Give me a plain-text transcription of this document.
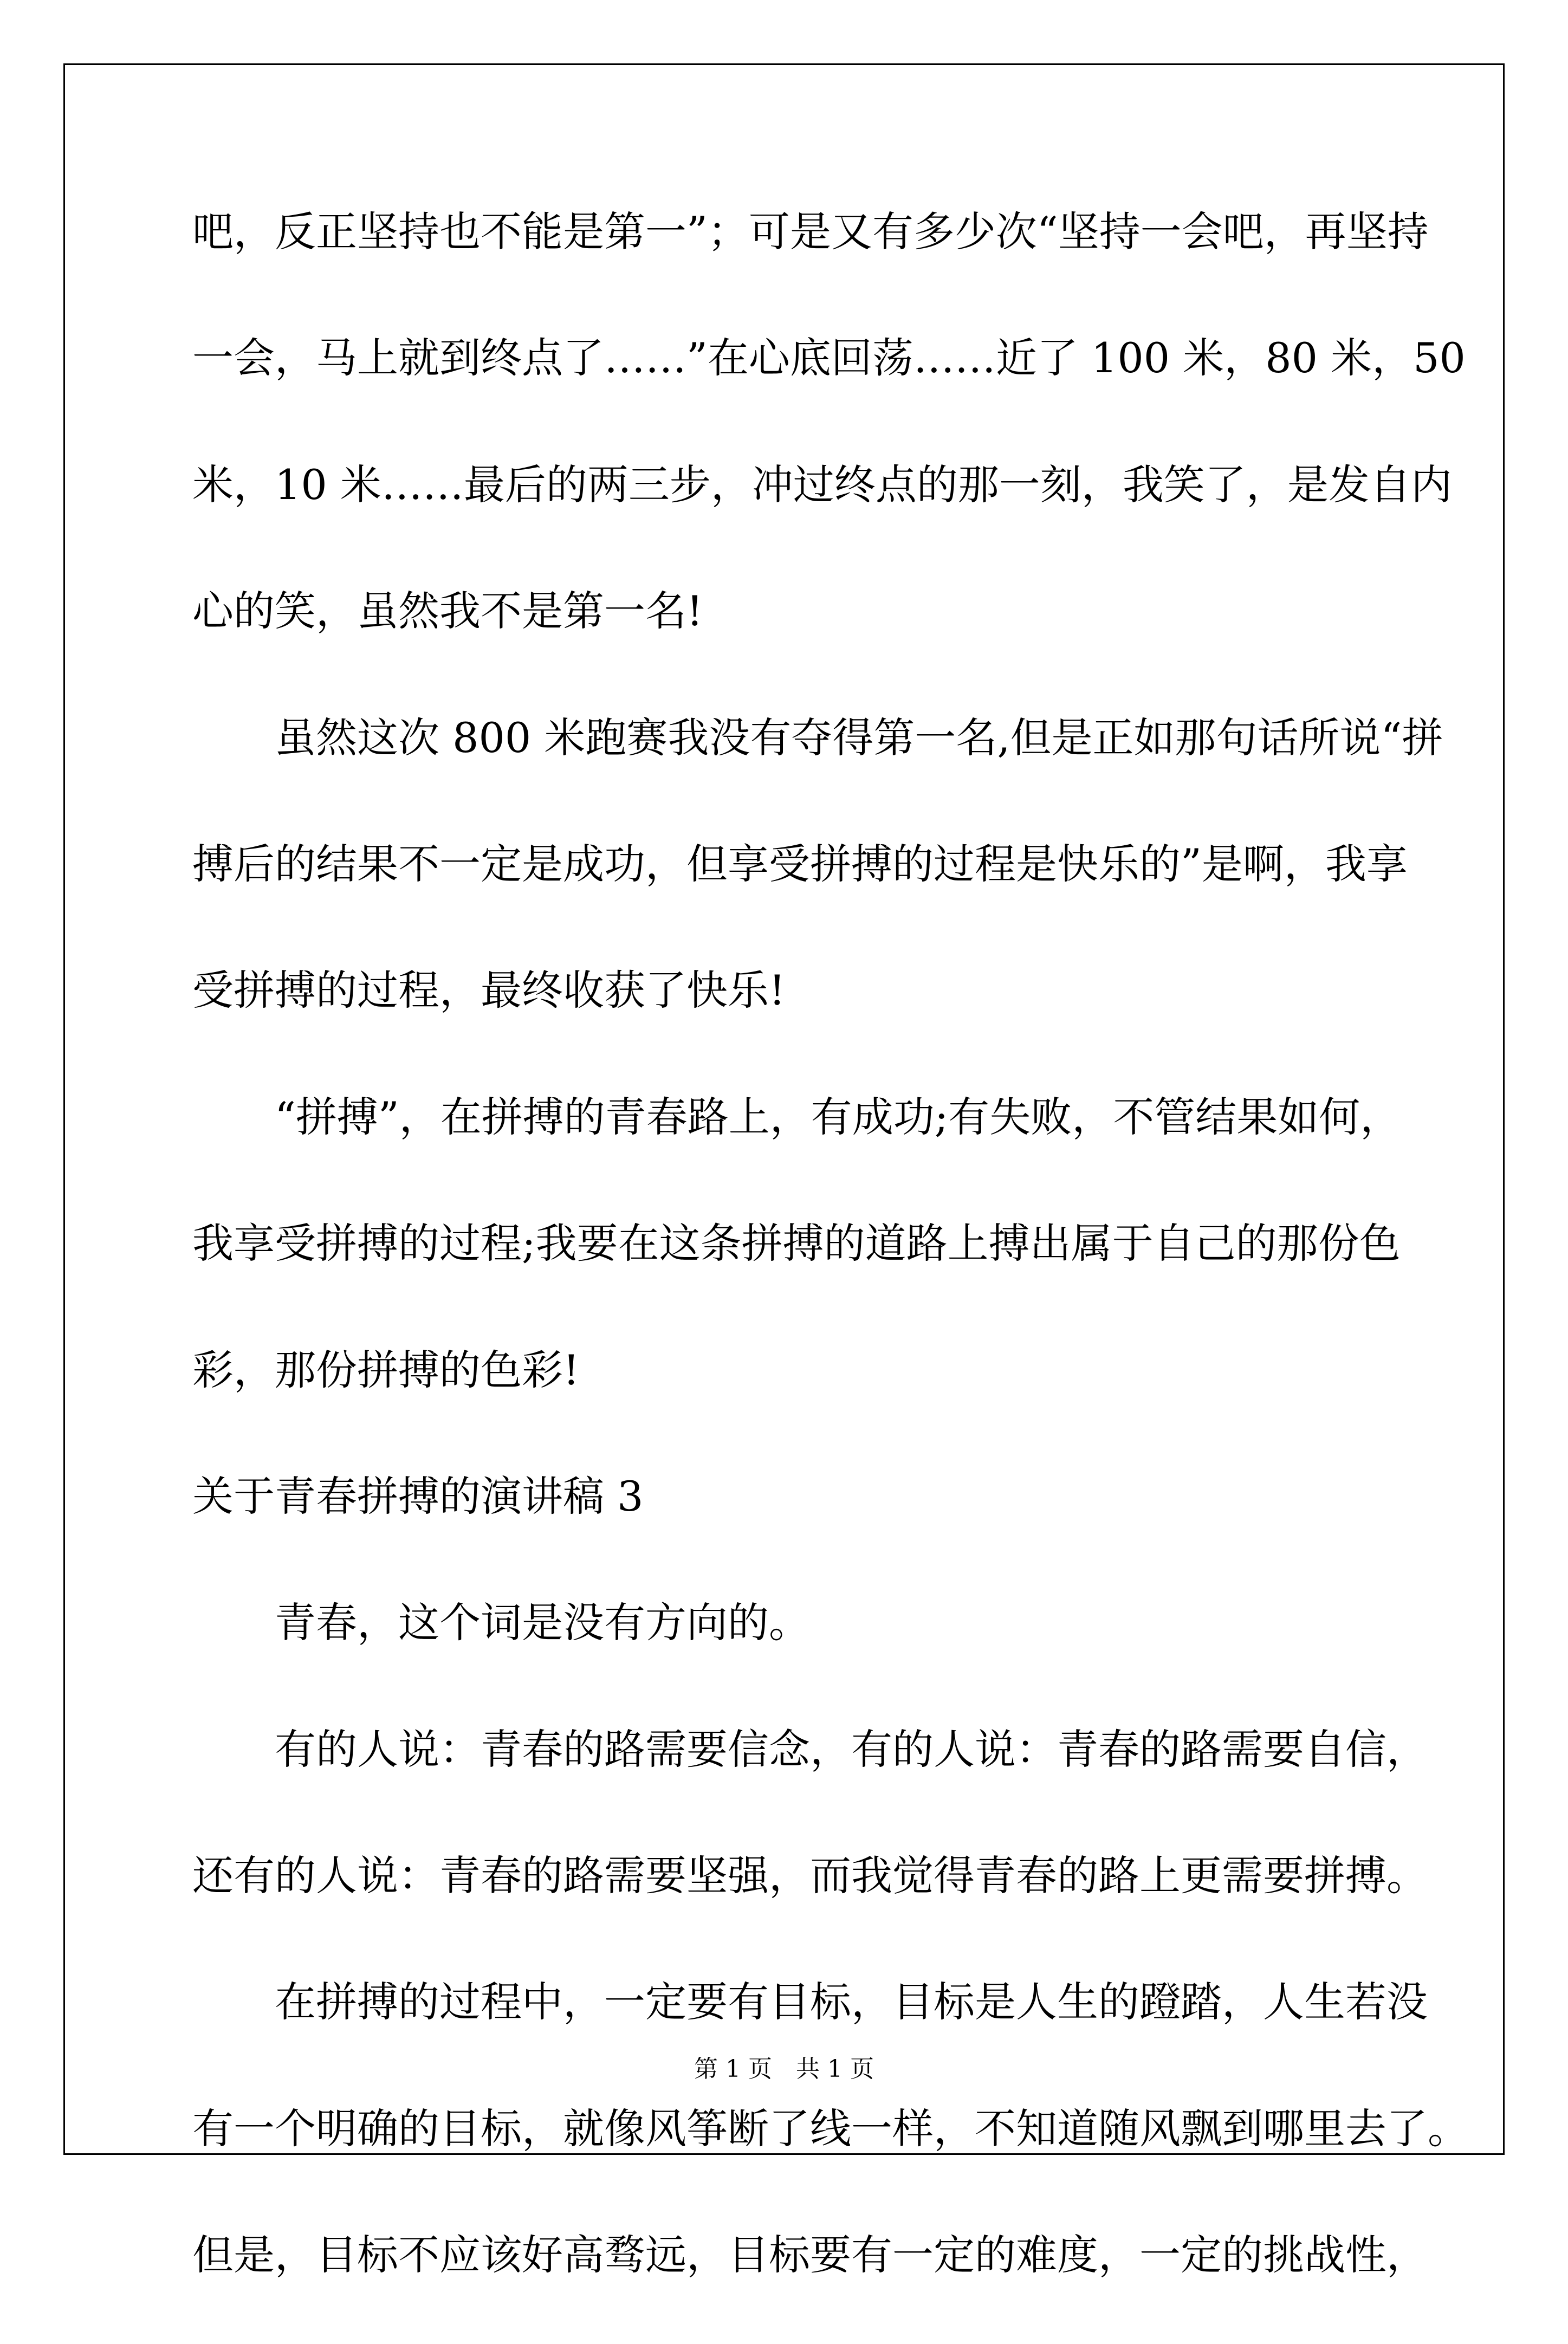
吧，反正坚持也不能是第一”；可是又有多少次“坚持一会吧，再坚持
一会，马上就到终点了……”在心底回荡……近了 100 米，80 米，50
米，10 米……最后的两三步，冲过终点的那一刻，我笑了，是发自内
心的笑，虽然我不是第一名!
　　虽然这次 800 米跑赛我没有夺得第一名,但是正如那句话所说“拼
搏后的结果不一定是成功，但享受拼搏的过程是快乐的”是啊，我享
受拼搏的过程，最终收获了快乐!
　　“拼搏”，在拼搏的青春路上，有成功;有失败，不管结果如何，
我享受拼搏的过程;我要在这条拼搏的道路上搏出属于自己的那份色
彩，那份拼搏的色彩!
关于青春拼搏的演讲稿 3
　　青春，这个词是没有方向的。
　　有的人说：青春的路需要信念，有的人说：青春的路需要自信，
还有的人说：青春的路需要坚强，而我觉得青春的路上更需要拼搏。
　　在拼搏的过程中，一定要有目标，目标是人生的蹬踏，人生若没
有一个明确的目标，就像风筝断了线一样，不知道随风飘到哪里去了。
但是，目标不应该好高骛远，目标要有一定的难度，一定的挑战性，
第 1 页　共 1 页
